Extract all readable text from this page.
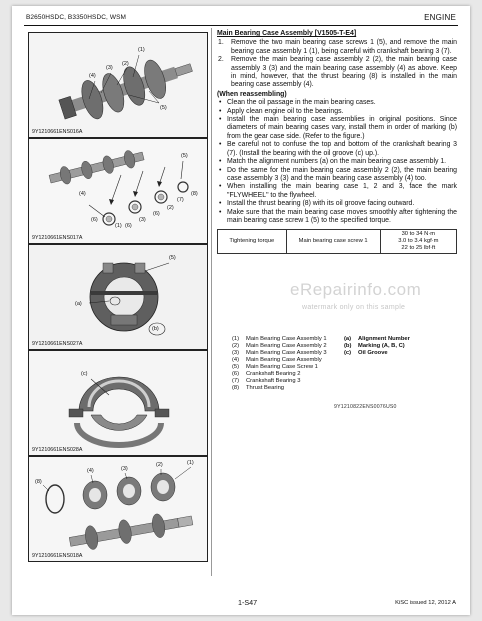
B2650HSDC, B3350HSDC, WSM	ENGINE
(1)
(2)
(3)
(4)
(5)
9Y1210661ENS016A
(5)
(4)
(1)
(6)
(6)
(3)
(6)
(2)
(7)
(8)
9Y1210661ENS017A
(5)
(a)
(b)
9Y1210661ENS027A
(c)
9Y1210661ENS028A
(8)
(4)	(3)
(2)	(1)
9Y1210661ENS018A
Main Bearing Case Assembly [V1505-T-E4]
1. Remove the two main bearing case screws 1 (5), and remove the main bearing case assembly 1 (1), being careful with crankshaft bearing 3 (7).
2. Remove the main bearing case assembly 2 (2), the main bearing case assembly 3 (3) and the main bearing case assembly (4) as above. Keep in mind, however, that the thrust bearing (8) is installed in the main bearing case assembly (4).
(When reassembling)
• Clean the oil passage in the main bearing cases.
• Apply clean engine oil to the bearings.
• Install the main bearing case assemblies in original positions. Since diameters of main bearing cases vary, install them in order of marking (b) from the gear case side. (Refer to the figure.)
• Be careful not to confuse the top and bottom of the crankshaft bearing 3 (7). (Install the bearing with the oil groove (c) up.).
• Match the alignment numbers (a) on the main bearing case assembly 1.
• Do the same for the main bearing case assembly 2 (2), the main bearing case assembly 3 (3) and the main bearing case assembly (4) too.
• When installing the main bearing case 1, 2 and 3, face the mark "FLYWHEEL" to the flywheel.
• Install the thrust bearing (8) with its oil groove facing outward.
• Make sure that the main bearing case moves smoothly after tightening the main bearing case screw 1 (5) to the specified torque.
Tightening torque	Main bearing case screw 1	
30 to 34 N·m
3.0 to 3.4 kgf·m
22 to 25 lbf·ft
(1) Main Bearing Case Assembly 1
(2) Main Bearing Case Assembly 2
(3) Main Bearing Case Assembly 3
(4) Main Bearing Case Assembly
(5) Main Bearing Case Screw 1
(6) Crankshaft Bearing 2
(7) Crankshaft Bearing 3
(8) Thrust Bearing
(a) Alignment Number
(b) Marking (A, B, C)
(c) Oil Groove
9Y1210822ENS0076US0
eRepairinfo.com
watermark only on this sample
1-S47	KiSC issued 12, 2012 A
